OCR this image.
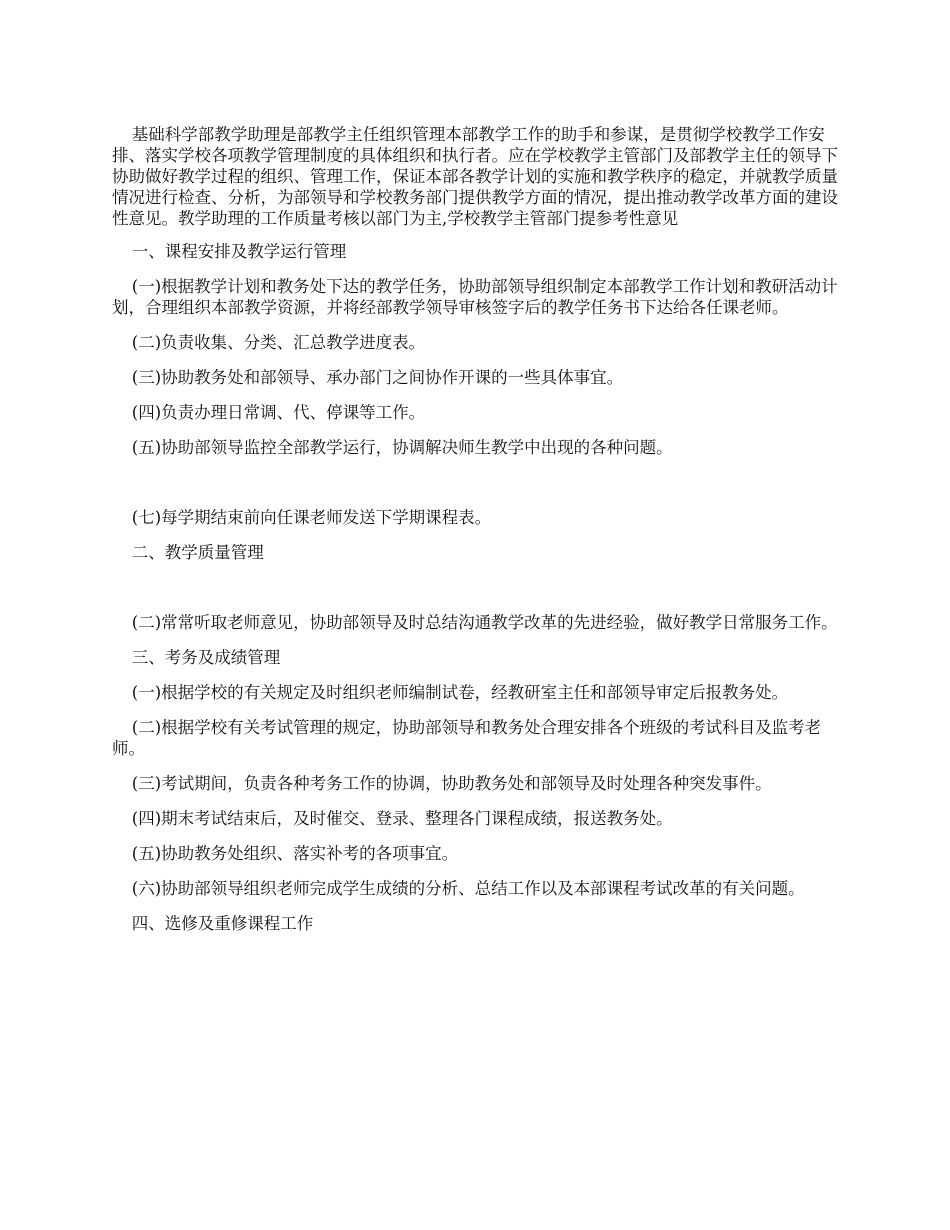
基础科学部教学助理是部教学主任组织管理本部教学工作的助手和参谋，是贯彻学校教学工作安排、落实学校各项教学管理制度的具体组织和执行者。应在学校教学主管部门及部教学主任的领导下协助做好教学过程的组织、管理工作，保证本部各教学计划的实施和教学秩序的稳定，并就教学质量情况进行检查、分析，为部领导和学校教务部门提供教学方面的情况，提出推动教学改革方面的建设性意见。教学助理的工作质量考核以部门为主,学校教学主管部门提参考性意见

一、课程安排及教学运行管理

(一)根据教学计划和教务处下达的教学任务，协助部领导组织制定本部教学工作计划和教研活动计划，合理组织本部教学资源，并将经部教学领导审核签字后的教学任务书下达给各任课老师。

(二)负责收集、分类、汇总教学进度表。

(三)协助教务处和部领导、承办部门之间协作开课的一些具体事宜。

(四)负责办理日常调、代、停课等工作。

(五)协助部领导监控全部教学运行，协调解决师生教学中出现的各种问题。

(七)每学期结束前向任课老师发送下学期课程表。

二、教学质量管理

(二)常常听取老师意见，协助部领导及时总结沟通教学改革的先进经验，做好教学日常服务工作。

三、考务及成绩管理

(一)根据学校的有关规定及时组织老师编制试卷，经教研室主任和部领导审定后报教务处。

(二)根据学校有关考试管理的规定，协助部领导和教务处合理安排各个班级的考试科目及监考老师。

(三)考试期间，负责各种考务工作的协调，协助教务处和部领导及时处理各种突发事件。

(四)期末考试结束后，及时催交、登录、整理各门课程成绩，报送教务处。

(五)协助教务处组织、落实补考的各项事宜。

(六)协助部领导组织老师完成学生成绩的分析、总结工作以及本部课程考试改革的有关问题。

四、选修及重修课程工作
